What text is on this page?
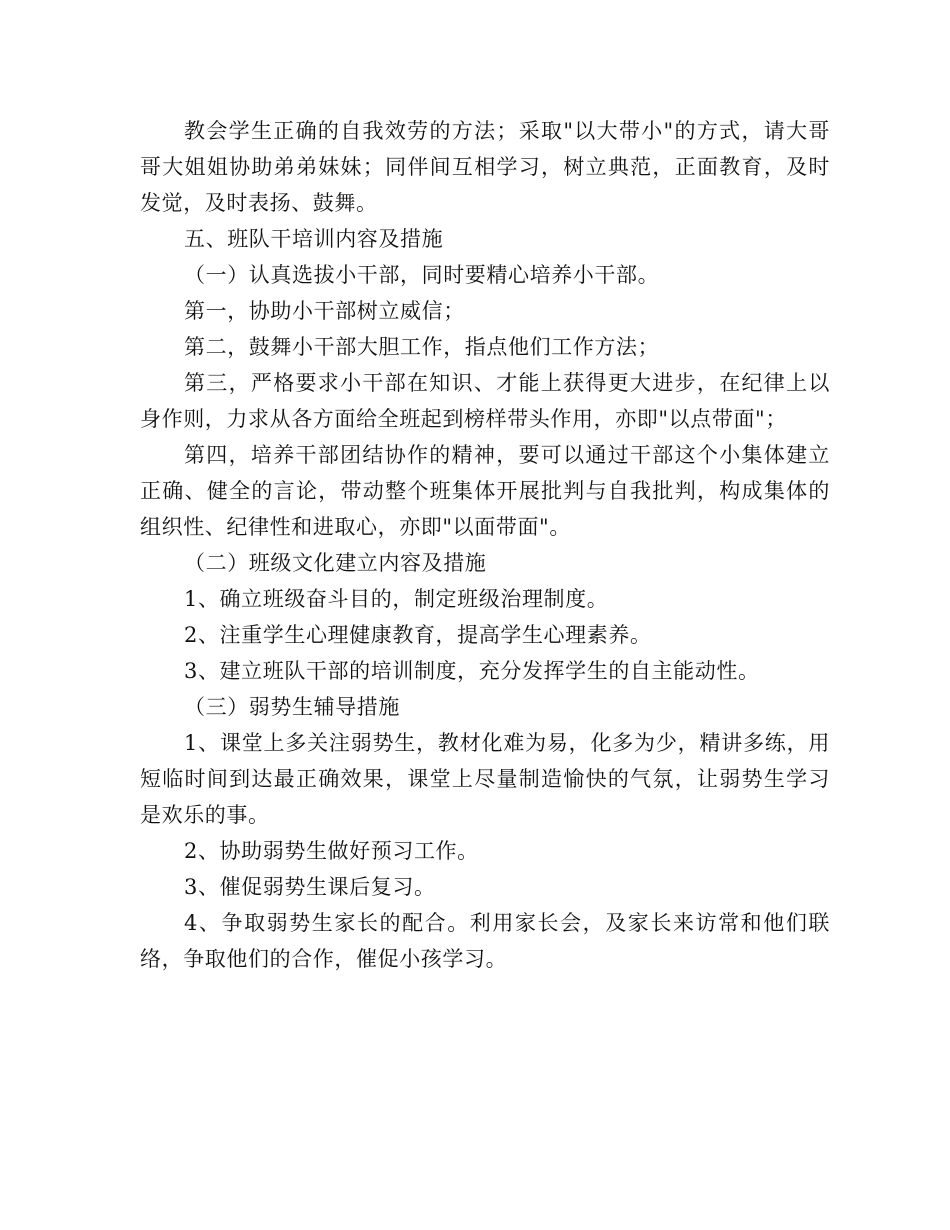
教会学生正确的自我效劳的方法；采取"以大带小"的方式，请大哥哥大姐姐协助弟弟妹妹；同伴间互相学习，树立典范，正面教育，及时发觉，及时表扬、鼓舞。

五、班队干培训内容及措施

（一）认真选拔小干部，同时要精心培养小干部。

第一，协助小干部树立威信；

第二，鼓舞小干部大胆工作，指点他们工作方法；

第三，严格要求小干部在知识、才能上获得更大进步，在纪律上以身作则，力求从各方面给全班起到榜样带头作用，亦即"以点带面"；

第四，培养干部团结协作的精神，要可以通过干部这个小集体建立正确、健全的言论，带动整个班集体开展批判与自我批判，构成集体的组织性、纪律性和进取心，亦即"以面带面"。

（二）班级文化建立内容及措施

1、确立班级奋斗目的，制定班级治理制度。

2、注重学生心理健康教育，提高学生心理素养。

3、建立班队干部的培训制度，充分发挥学生的自主能动性。

（三）弱势生辅导措施

1、课堂上多关注弱势生，教材化难为易，化多为少，精讲多练，用短临时间到达最正确效果，课堂上尽量制造愉快的气氛，让弱势生学习是欢乐的事。

2、协助弱势生做好预习工作。

3、催促弱势生课后复习。

4、争取弱势生家长的配合。利用家长会，及家长来访常和他们联络，争取他们的合作，催促小孩学习。
